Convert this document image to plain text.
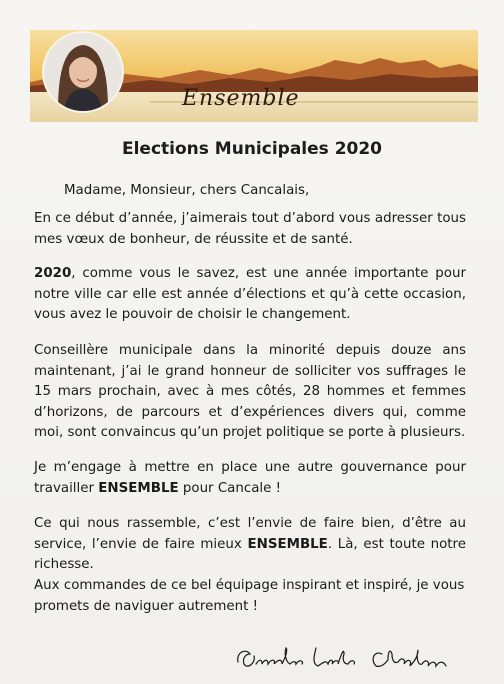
Ensemble
Elections Municipales 2020
Madame, Monsieur, chers Cancalais,
En ce début d’année, j’aimerais tout d’abord vous adresser tous mes vœux de bonheur, de réussite et de santé.
2020, comme vous le savez, est une année importante pour notre ville car elle est année d’élections et qu’à cette occasion, vous avez le pouvoir de choisir le changement.
Conseillère municipale dans la minorité depuis douze ans maintenant, j’ai le grand honneur de solliciter vos suffrages le 15 mars prochain, avec à mes côtés, 28 hommes et femmes d’horizons, de parcours et d’expériences divers qui, comme moi, sont convaincus qu’un projet politique se porte à plusieurs.
Je m’engage à mettre en place une autre gouvernance pour travailler ENSEMBLE pour Cancale !
Ce qui nous rassemble, c’est l’envie de faire bien, d’être au service, l’envie de faire mieux ENSEMBLE. Là, est toute notre richesse.
Aux commandes de ce bel équipage inspirant et inspiré, je vous promets de naviguer autrement !
